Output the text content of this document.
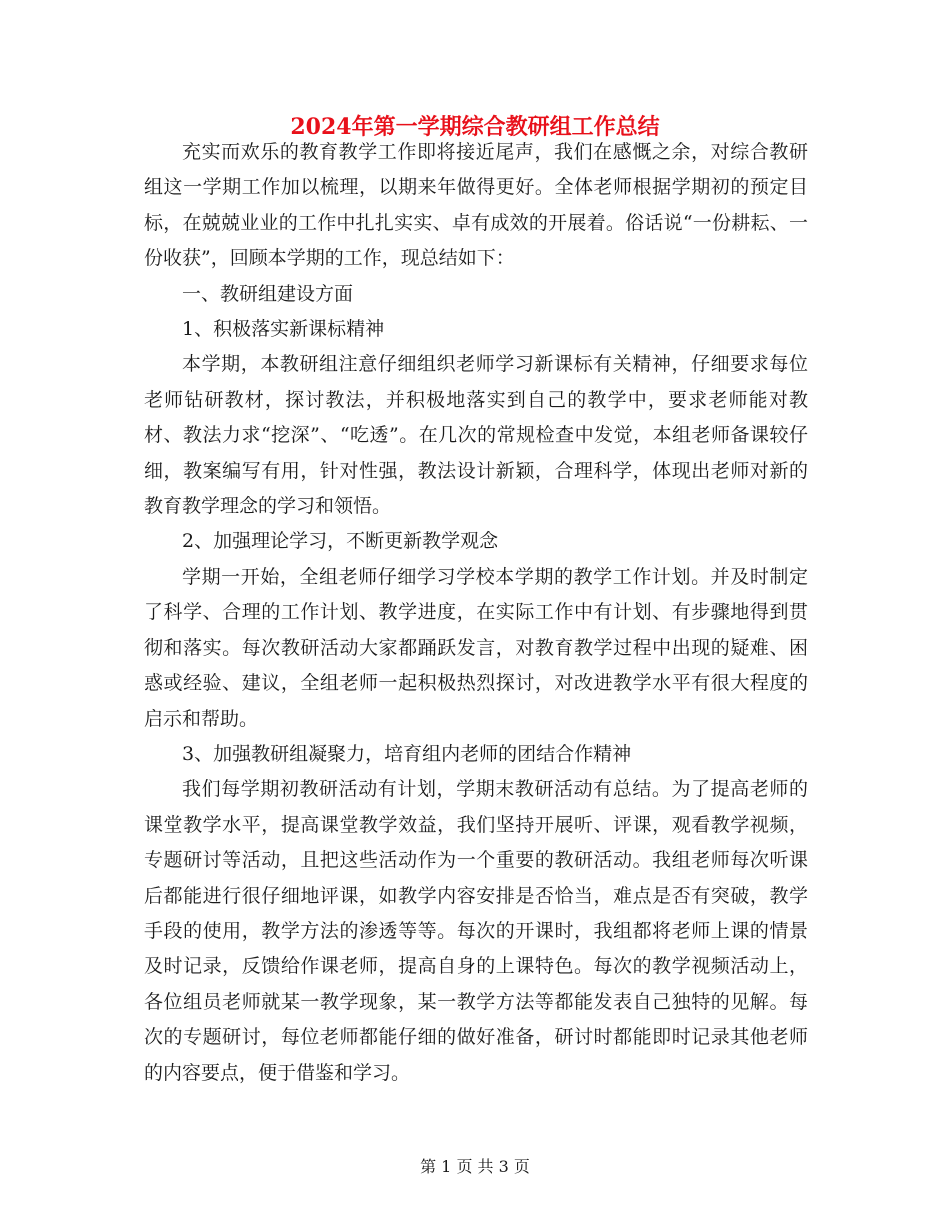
2024年第一学期综合教研组工作总结

充实而欢乐的教育教学工作即将接近尾声，我们在感慨之余，对综合教研组这一学期工作加以梳理，以期来年做得更好。全体老师根据学期初的预定目标，在兢兢业业的工作中扎扎实实、卓有成效的开展着。俗话说“一份耕耘、一份收获”，回顾本学期的工作，现总结如下：

一、教研组建设方面

1、积极落实新课标精神

本学期，本教研组注意仔细组织老师学习新课标有关精神，仔细要求每位老师钻研教材，探讨教法，并积极地落实到自己的教学中，要求老师能对教材、教法力求“挖深”、“吃透”。在几次的常规检查中发觉，本组老师备课较仔细，教案编写有用，针对性强，教法设计新颖，合理科学，体现出老师对新的教育教学理念的学习和领悟。

2、加强理论学习，不断更新教学观念

学期一开始，全组老师仔细学习学校本学期的教学工作计划。并及时制定了科学、合理的工作计划、教学进度，在实际工作中有计划、有步骤地得到贯彻和落实。每次教研活动大家都踊跃发言，对教育教学过程中出现的疑难、困惑或经验、建议，全组老师一起积极热烈探讨，对改进教学水平有很大程度的启示和帮助。

3、加强教研组凝聚力，培育组内老师的团结合作精神

我们每学期初教研活动有计划，学期末教研活动有总结。为了提高老师的课堂教学水平，提高课堂教学效益，我们坚持开展听、评课，观看教学视频，专题研讨等活动，且把这些活动作为一个重要的教研活动。我组老师每次听课后都能进行很仔细地评课，如教学内容安排是否恰当，难点是否有突破，教学手段的使用，教学方法的渗透等等。每次的开课时，我组都将老师上课的情景及时记录，反馈给作课老师，提高自身的上课特色。每次的教学视频活动上，各位组员老师就某一教学现象，某一教学方法等都能发表自己独特的见解。每次的专题研讨，每位老师都能仔细的做好准备，研讨时都能即时记录其他老师的内容要点，便于借鉴和学习。

第 1 页 共 3 页
